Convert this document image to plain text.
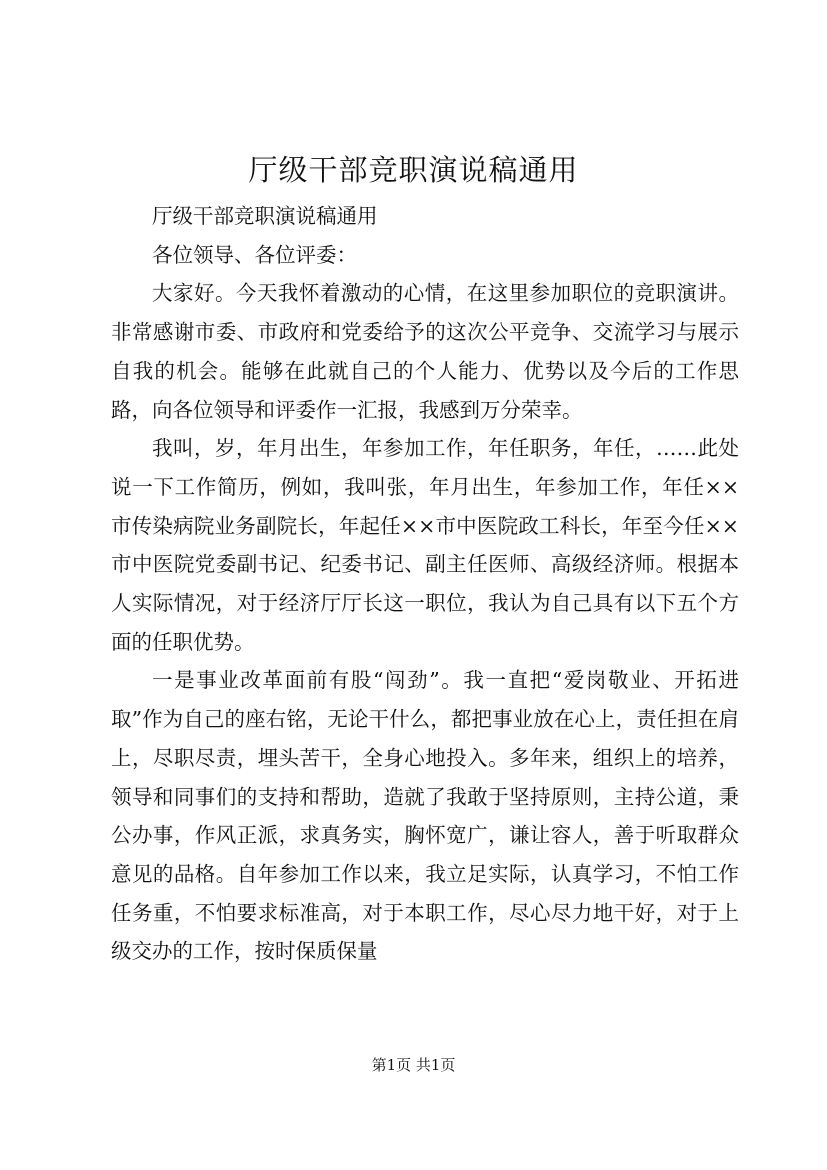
厅级干部竞职演说稿通用

厅级干部竞职演说稿通用

各位领导、各位评委：

大家好。今天我怀着激动的心情，在这里参加职位的竞职演讲。非常感谢市委、市政府和党委给予的这次公平竞争、交流学习与展示自我的机会。能够在此就自己的个人能力、优势以及今后的工作思路，向各位领导和评委作一汇报，我感到万分荣幸。

我叫，岁，年月出生，年参加工作，年任职务，年任，……此处说一下工作简历，例如，我叫张，年月出生，年参加工作，年任××市传染病院业务副院长，年起任××市中医院政工科长，年至今任××市中医院党委副书记、纪委书记、副主任医师、高级经济师。根据本人实际情况，对于经济厅厅长这一职位，我认为自己具有以下五个方面的任职优势。

一是事业改革面前有股“闯劲”。我一直把“爱岗敬业、开拓进取”作为自己的座右铭，无论干什么，都把事业放在心上，责任担在肩上，尽职尽责，埋头苦干，全身心地投入。多年来，组织上的培养，领导和同事们的支持和帮助，造就了我敢于坚持原则，主持公道，秉公办事，作风正派，求真务实，胸怀宽广，谦让容人，善于听取群众意见的品格。自年参加工作以来，我立足实际，认真学习，不怕工作任务重，不怕要求标准高，对于本职工作，尽心尽力地干好，对于上级交办的工作，按时保质保量

第1页 共1页
